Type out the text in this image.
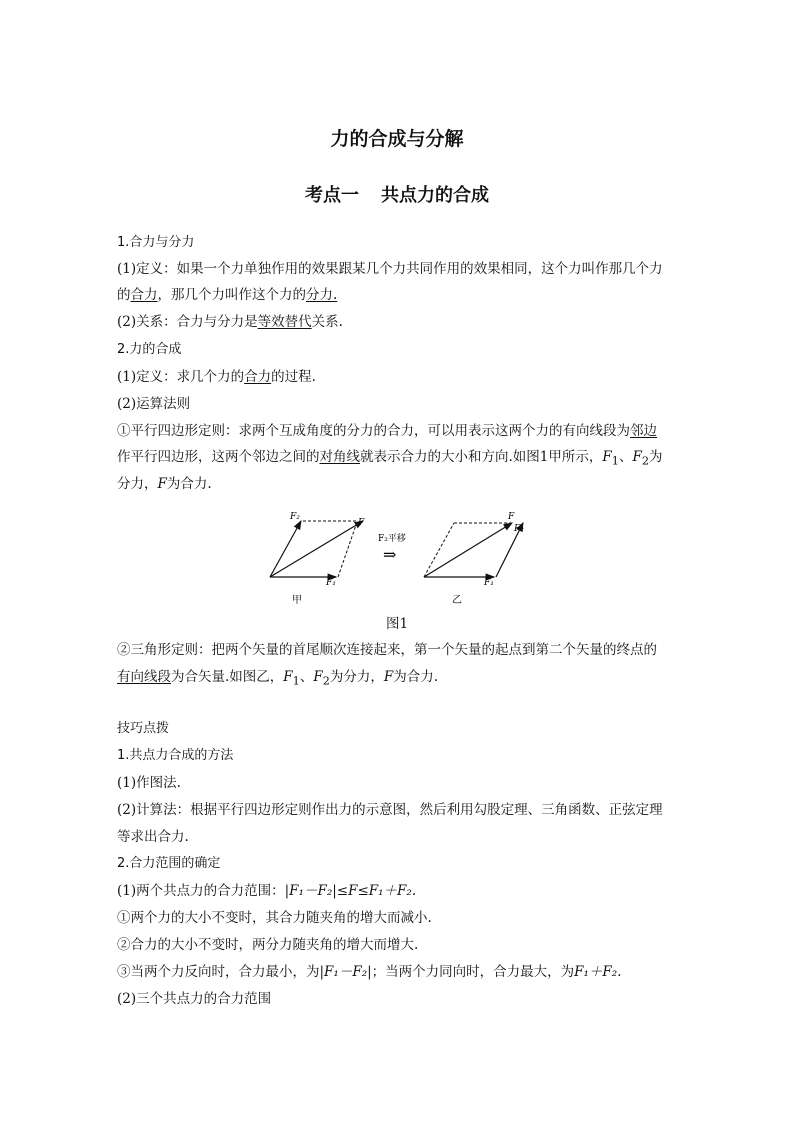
力的合成与分解
考点一 共点力的合成
1.合力与分力
(1)定义：如果一个力单独作用的效果跟某几个力共同作用的效果相同，这个力叫作那几个力
的合力，那几个力叫作这个力的分力.
(2)关系：合力与分力是等效替代关系.
2.力的合成
(1)定义：求几个力的合力的过程.
(2)运算法则
①平行四边形定则：求两个互成角度的分力的合力，可以用表示这两个力的有向线段为邻边
作平行四边形，这两个邻边之间的对角线就表示合力的大小和方向.如图1甲所示，$F_1$、$F_2$为
分力，F为合力.
F₂
F
F₁
甲
F₂平移
⇒
F
F₂
F₁
乙
图1
②三角形定则：把两个矢量的首尾顺次连接起来，第一个矢量的起点到第二个矢量的终点的
有向线段为合矢量.如图乙，$F_1$、$F_2$为分力，F为合力.
技巧点拨
1.共点力合成的方法
(1)作图法.
(2)计算法：根据平行四边形定则作出力的示意图，然后利用勾股定理、三角函数、正弦定理
等求出合力.
2.合力范围的确定
(1)两个共点力的合力范围：|F₁－F₂|≤F≤F₁＋F₂.
①两个力的大小不变时，其合力随夹角的增大而减小.
②合力的大小不变时，两分力随夹角的增大而增大.
③当两个力反向时，合力最小，为|F₁－F₂|；当两个力同向时，合力最大，为F₁＋F₂.
(2)三个共点力的合力范围
